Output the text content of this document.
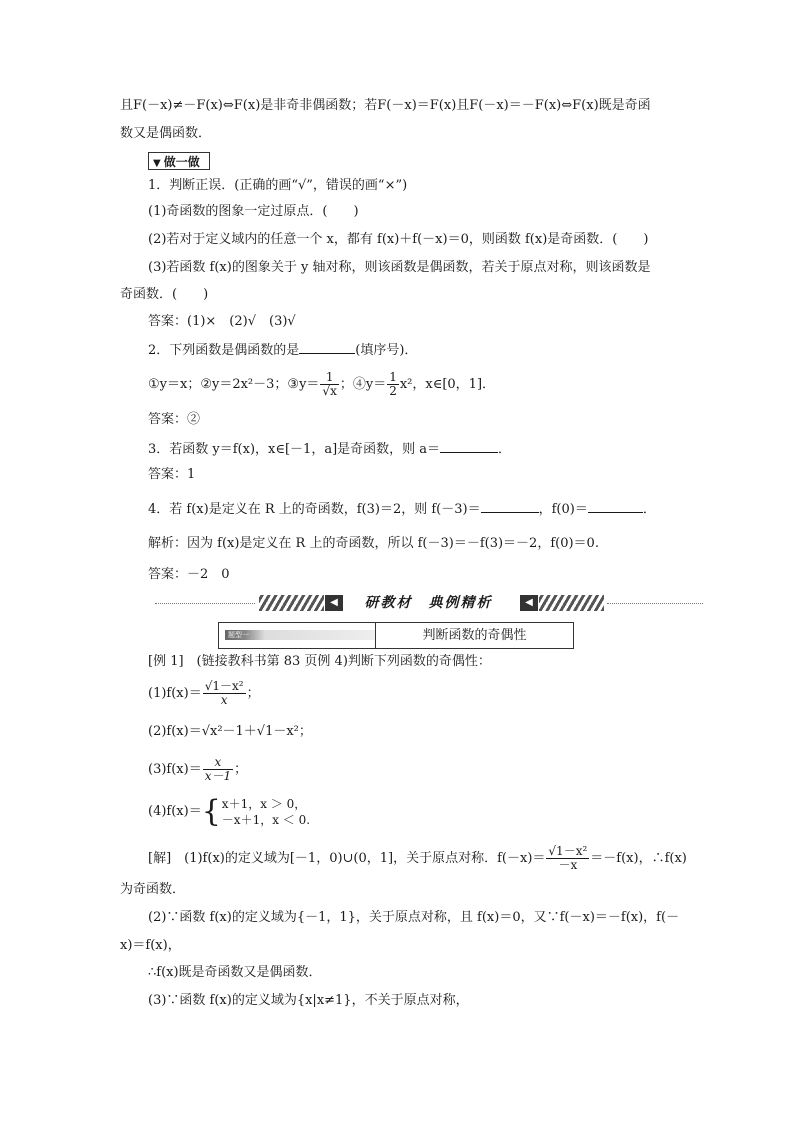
且F(－x)≠－F(x)⇔F(x)是非奇非偶函数；若F(－x)＝F(x)且F(－x)＝－F(x)⇔F(x)既是奇函
数又是偶函数．
▼ 做一做
1．判断正误．(正确的画“√”，错误的画“×”)
(1)奇函数的图象一定过原点．(　　)
(2)若对于定义域内的任意一个 x，都有 f(x)＋f(－x)＝0，则函数 f(x)是奇函数．(　　)
(3)若函数 f(x)的图象关于 y 轴对称，则该函数是偶函数，若关于原点对称，则该函数是
奇函数．(　　)
答案：(1)×　(2)√　(3)√
2．下列函数是偶函数的是	(填序号)．
①y＝x；②y＝2x²－3；③y＝ $\frac{1}{√x}$ ；④y＝ $\frac{1}{2} x^2$，x∈[0，1]．
答案：②
3．若函数 y＝f(x)，x∈[－1，a]是奇函数，则 a＝	．
答案：1
4．若 f(x)是定义在 R 上的奇函数，f(3)＝2，则 f(－3)＝	，f(0)＝	．
解析：因为 f(x)是定义在 R 上的奇函数，所以 f(－3)＝－f(3)＝－2，f(0)＝0.
答案：－2　0
◀	研教材　典例精析	◀
题型一	判断函数的奇偶性
[例 1]　(链接教科书第 83 页例 4)判断下列函数的奇偶性：
$(1)f(x)= \frac{\text{√1－x²}}{x}$ ；
(2)f(x)＝√x²－1＋√1－x²；
$(3)f(x)= \frac{x}{x-1}$ ；
(4)f(x)＝{ x＋1，x ＞ 0，
－x＋1，x ＜ 0.
[解]　(1)f(x)的定义域为[－1，0)∪(0，1]，关于原点对称．$f(-x)= \frac{\text{√1－x²}}{-x} =-f(x)$，∴f(x)
为奇函数．
(2)∵函数 f(x)的定义域为{－1，1}，关于原点对称，且 f(x)＝0，又∵f(－x)＝－f(x)，f(－
x)＝f(x)，
∴f(x)既是奇函数又是偶函数．
(3)∵函数 f(x)的定义域为{x|x≠1}，不关于原点对称，
